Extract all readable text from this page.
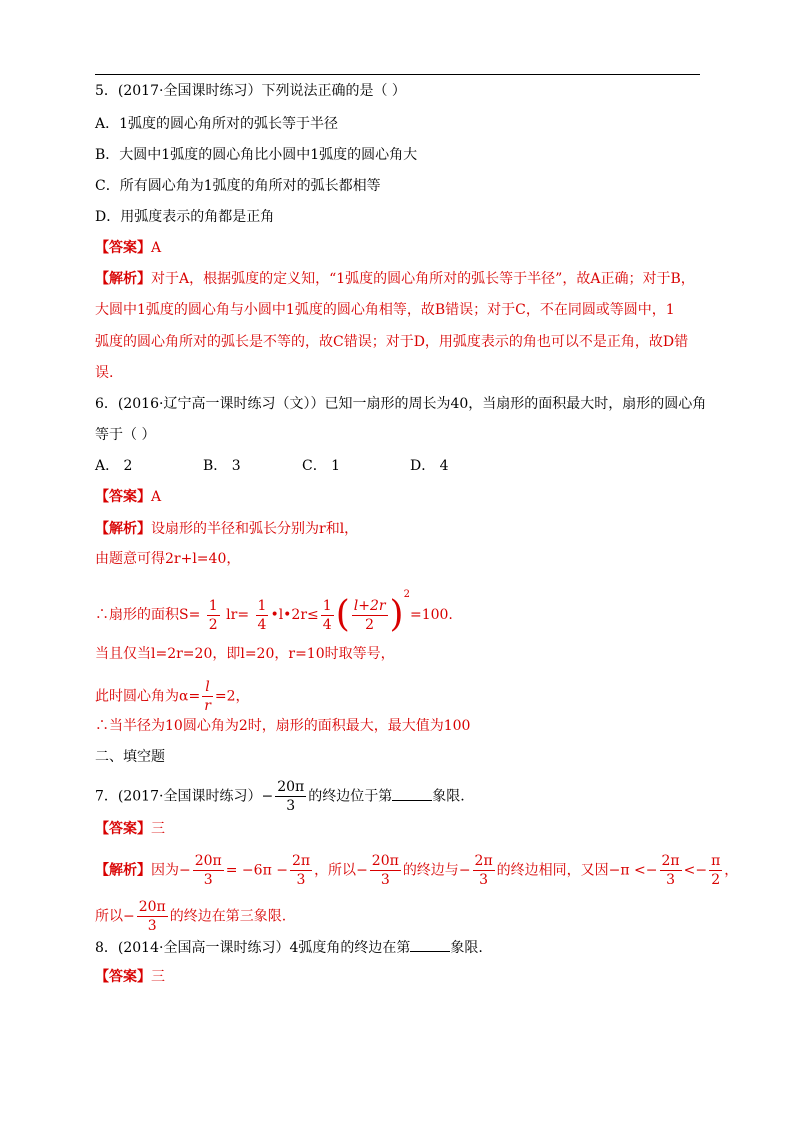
5．(2017·全国课时练习）下列说法正确的是（ ）
A．1弧度的圆心角所对的弧长等于半径
B．大圆中1弧度的圆心角比小圆中1弧度的圆心角大
C．所有圆心角为1弧度的角所对的弧长都相等
D．用弧度表示的角都是正角
【答案】A
【解析】对于A，根据弧度的定义知，“1弧度的圆心角所对的弧长等于半径”，故A正确；对于B，
大圆中1弧度的圆心角与小圆中1弧度的圆心角相等，故B错误；对于C，不在同圆或等圆中，1
弧度的圆心角所对的弧长是不等的，故C错误；对于D，用弧度表示的角也可以不是正角，故D错
误.
6．(2016·辽宁高一课时练习（文））已知一扇形的周长为40，当扇形的面积最大时，扇形的圆心角
等于（ ）
A． 2	B． 3	C． 1	D． 4
【答案】A
【解析】设扇形的半径和弧长分别为r和l，
由题意可得2r+l=40，
∴扇形的面积$S= \frac{1}{2} lr= \frac{1}{4}$ •l•2r≤ $\frac{1}{4}$ ( $\frac{l+2r}{2} )^2=100$.
当且仅当l=2r=20，即l=20，r=10时取等号，
此时圆心角为$\alpha= \frac{l}{r} =2$，
∴当半径为10圆心角为2时，扇形的面积最大，最大值为100
二、填空题
7．(2017·全国课时练习）− $\frac{20\pi}{3}$ 的终边位于第	象限.
【答案】三
【解析】因为− $\frac{20\pi}{3} = -6\pi - \frac{2\pi}{3}$ ，所以− $\frac{20\pi}{3}$ 的终边与− $\frac{2\pi}{3}$ 的终边相同，又因$-\pi <- \frac{2\pi}{3} <- \frac{\pi}{2}$ ，
所以− $\frac{20\pi}{3}$ 的终边在第三象限.
8．(2014·全国高一课时练习）4弧度角的终边在第	象限.
【答案】三
